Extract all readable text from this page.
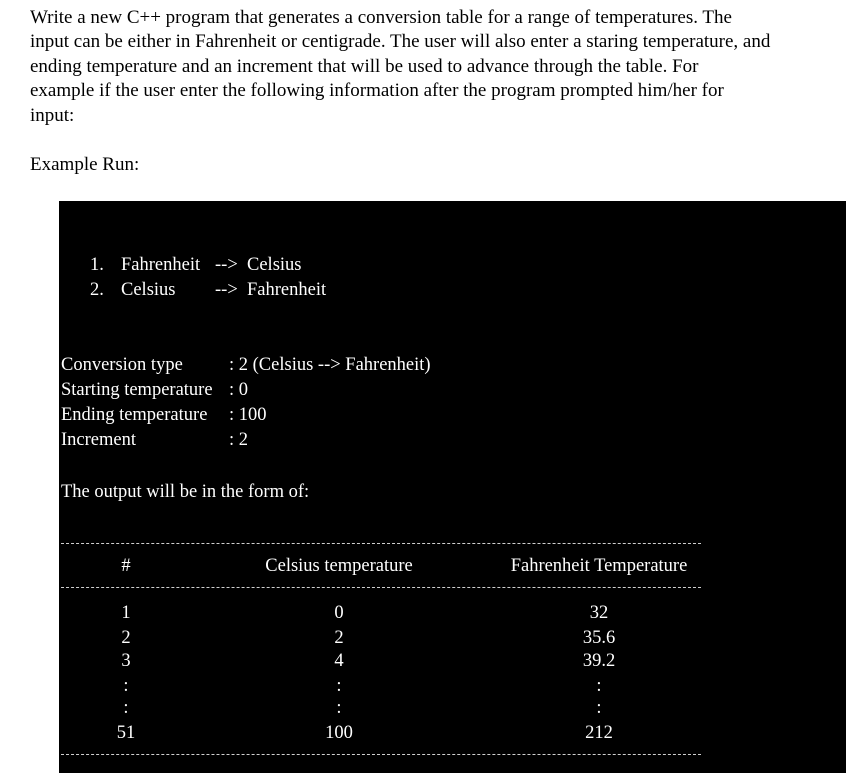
Write a new C++ program that generates a conversion table for a range of temperatures. The
input can be either in Fahrenheit or centigrade. The user will also enter a staring temperature, and
ending temperature and an increment that will be used to advance through the table. For
example if the user enter the following information after the program prompted him/her for
input:
Example Run:
1. Fahrenheit --> Celsius
2. Celsius --> Fahrenheit
Conversion type : 2 (Celsius --> Fahrenheit)
Starting temperature : 0
Ending temperature : 100
Increment	: 2
The output will be in the form of:
#	Celsius temperature	Fahrenheit Temperature
1	0	32
2	2	35.6
3	4	39.2
:	:	:
:	:	:
51	100	212
